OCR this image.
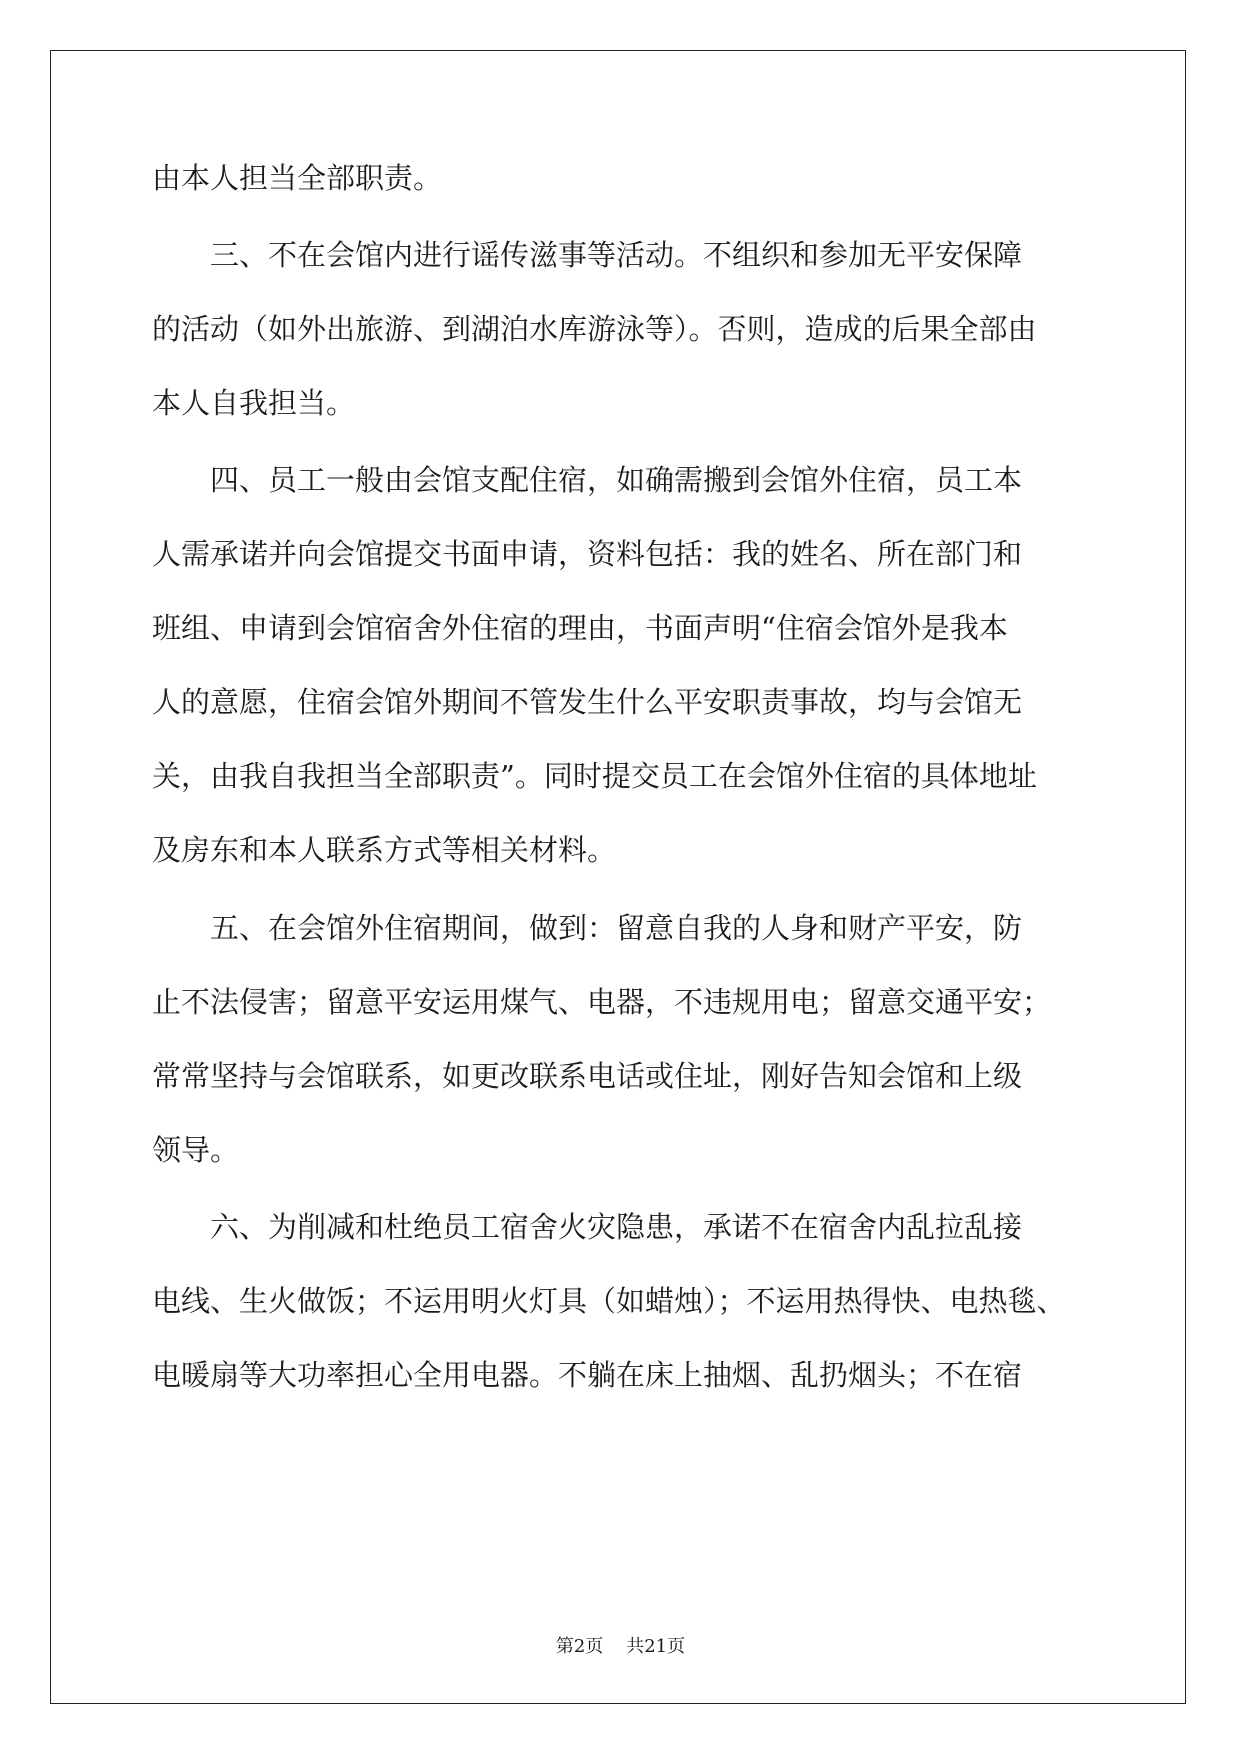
由本人担当全部职责。
三、不在会馆内进行谣传滋事等活动。不组织和参加无平安保障
的活动（如外出旅游、到湖泊水库游泳等）。否则，造成的后果全部由
本人自我担当。
四、员工一般由会馆支配住宿，如确需搬到会馆外住宿，员工本
人需承诺并向会馆提交书面申请，资料包括：我的姓名、所在部门和
班组、申请到会馆宿舍外住宿的理由，书面声明“住宿会馆外是我本
人的意愿，住宿会馆外期间不管发生什么平安职责事故，均与会馆无
关，由我自我担当全部职责”。同时提交员工在会馆外住宿的具体地址
及房东和本人联系方式等相关材料。
五、在会馆外住宿期间，做到：留意自我的人身和财产平安，防
止不法侵害；留意平安运用煤气、电器，不违规用电；留意交通平安；
常常坚持与会馆联系，如更改联系电话或住址，刚好告知会馆和上级
领导。
六、为削减和杜绝员工宿舍火灾隐患，承诺不在宿舍内乱拉乱接
电线、生火做饭；不运用明火灯具（如蜡烛）；不运用热得快、电热毯、
电暖扇等大功率担心全用电器。不躺在床上抽烟、乱扔烟头；不在宿
第2页 共21页
